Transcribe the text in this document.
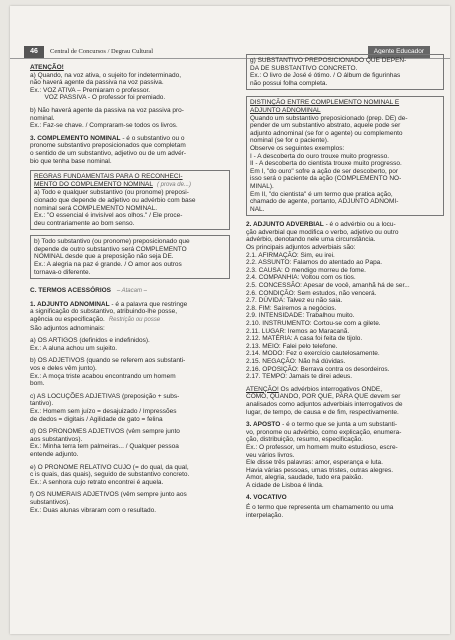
46	Central de Concursos / Degrau Cultural	Agente Educador

ATENÇÃO!
a) Quando, na voz ativa, o sujeito for indeterminado,
não haverá agente da passiva na voz passiva.
Ex.: VOZ ATIVA – Premiaram o professor.
VOZ PASSIVA - O professor foi premiado.

b) Não haverá agente da passiva na voz passiva pro-
nominal.
Ex.: Faz-se chave. / Compraram-se todos os livros.

3. COMPLEMENTO NOMINAL - é o substantivo ou o
pronome substantivo preposicionados que completam
o sentido de um substantivo, adjetivo ou de um advér-
bio que tenha base nominal.

REGRAS FUNDAMENTAIS PARA O RECONHECI-
MENTO DO COMPLEMENTO NOMINAL ( prova de...)
a) Todo e qualquer substantivo (ou pronome) preposi-
cionado que depende de adjetivo ou advérbio com base
nominal será COMPLEMENTO NOMINAL.
Ex.: "O essencial é invisível aos olhos." / Ele proce-
deu contrariamente ao bom senso.
b) Todo substantivo (ou pronome) preposicionado que
depende de outro substantivo será COMPLEMENTO
NOMINAL desde que a preposição não seja DE.
Ex.: A alegria na paz é grande. / O amor aos outros
tornava-o diferente.

C. TERMOS ACESSÓRIOS – Atacam –

1. ADJUNTO ADNOMINAL - é a palavra que restringe
a significação do substantivo, atribuindo-lhe posse,
agência ou especificação. Restrição ou posse
São adjuntos adnominais:

a) OS ARTIGOS (definidos e indefinidos).
Ex.: A aluna achou um sujeito.

b) OS ADJETIVOS (quando se referem aos substanti-
vos e deles vêm junto).
Ex.: A moça triste acabou encontrando um homem
bom.

c) AS LOCUÇÕES ADJETIVAS (preposição + subs-
tantivo).
Ex.: Homem sem juízo = desajuizado / Impressões
de dedos = digitais / Agilidade de gato = felina

d) OS PRONOMES ADJETIVOS (vêm sempre junto
aos substantivos).
Ex.: Minha terra tem palmeiras... / Qualquer pessoa
entende adjunto.

e) O PRONOME RELATIVO CUJO (= do qual, da qual,
c is quais, das quais), seguido de substantivo concreto.
Ex.: A senhora cujo retrato encontrei é aquela.

f) OS NUMERAIS ADJETIVOS (vêm sempre junto aos
substantivos).
Ex.: Duas alunas vibraram com o resultado.

g) SUBSTANTIVO PREPOSICIONADO QUE DEPEN-
DA DE SUBSTANTIVO CONCRETO.
Ex.: O livro de José é ótimo. / O álbum de figurinhas
não possui folha completa.
DISTINÇÃO ENTRE COMPLEMENTO NOMINAL E
ADJUNTO ADNOMINAL
Quando um substantivo preposicionado (prep. DE) de-
pender de um substantivo abstrato, aquele pode ser
adjunto adnominal (se for o agente) ou complemento
nominal (se for o paciente).
Observe os seguintes exemplos:
I - A descoberta do ouro trouxe muito progresso.
II - A descoberta do cientista trouxe muito progresso.
Em I, "do ouro" sofre a ação de ser descoberto, por
isso será o paciente da ação (COMPLEMENTO NO-
MINAL).
Em II, "do cientista" é um termo que pratica ação,
chamado de agente, portanto, ADJUNTO ADNOMI-
NAL.

2. ADJUNTO ADVERBIAL - é o advérbio ou a locu-
ção adverbial que modifica o verbo, adjetivo ou outro
advérbio, denotando nele uma circunstância.
Os principais adjuntos adverbiais são:
2.1. AFIRMAÇÃO: Sim, eu irei.
2.2. ASSUNTO: Falamos do atentado ao Papa.
2.3. CAUSA: O mendigo morreu de fome.
2.4. COMPANHIA: Voltou com os tios.
2.5. CONCESSÃO: Apesar de você, amanhã há de ser...
2.6. CONDIÇÃO: Sem estudos, não vencerá.
2.7. DÚVIDA: Talvez eu não saia.
2.8. FIM: Saíremos a negócios.
2.9. INTENSIDADE: Trabalhou muito.
2.10. INSTRUMENTO: Cortou-se com a gilete.
2.11. LUGAR: Iremos ao Maracanã.
2.12. MATÉRIA: A casa foi feita de tijolo.
2.13. MEIO: Falei pelo telefone.
2.14. MODO: Fez o exercício cautelosamente.
2.15. NEGAÇÃO: Não há dúvidas.
2.16. OPOSIÇÃO: Berrava contra os desordeiros.
2.17. TEMPO: Jamais te direi adeus.

ATENÇÃO! Os advérbios interrogativos ONDE,
COMO, QUANDO, POR QUE, PARA QUE devem ser
analisados como adjuntos adverbiais interrogativos de
lugar, de tempo, de causa e de fim, respectivamente.

3. APOSTO - é o termo que se junta a um substanti-
vo, pronome ou advérbio, como explicação, enumera-
ção, distribuição, resumo, especificação.
Ex.: O professor, um homem muito estudioso, escre-
veu vários livros.
Ele disse três palavras: amor, esperança e luta.
Havia várias pessoas, umas tristes, outras alegres.
Amor, alegria, saudade, tudo era paixão.
A cidade de Lisboa é linda.

4. VOCATIVO
É o termo que representa um chamamento ou uma
interpelação.
